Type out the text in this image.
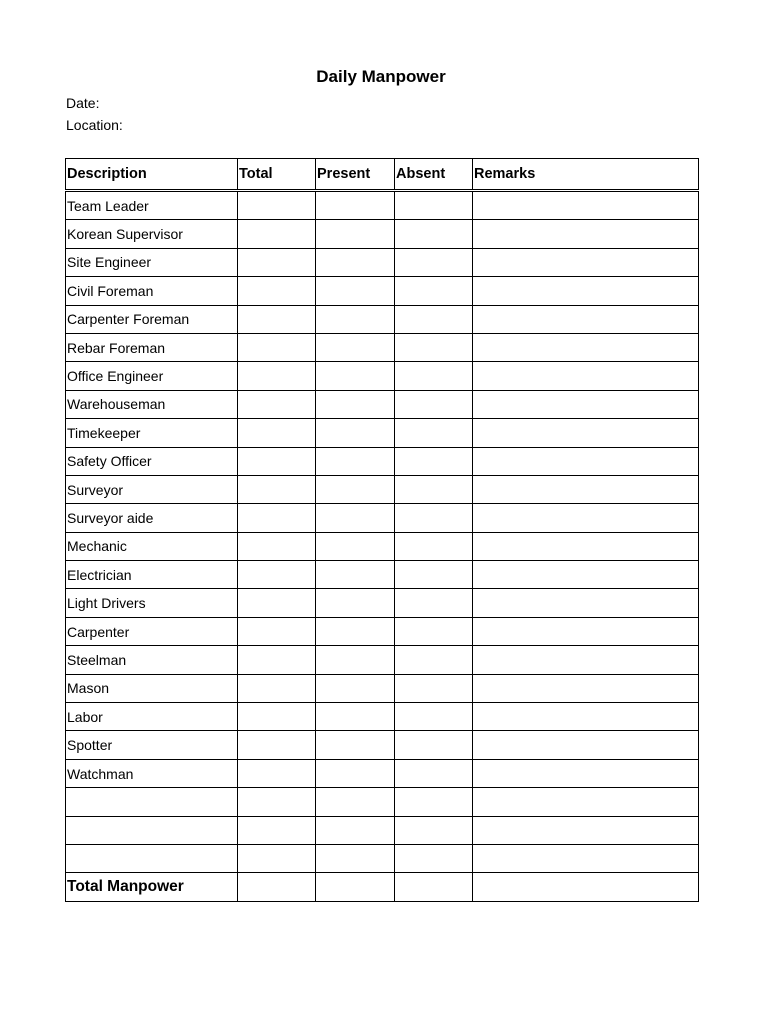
Daily Manpower
Date:
Location:
Description	Total	Present	Absent	Remarks
Team Leader				
Korean Supervisor				
Site Engineer				
Civil Foreman				
Carpenter Foreman				
Rebar Foreman				
Office Engineer				
Warehouseman				
Timekeeper				
Safety Officer				
Surveyor				
Surveyor aide				
Mechanic				
Electrician				
Light Drivers				
Carpenter				
Steelman				
Mason				
Labor				
Spotter				
Watchman				

Total Manpower				
